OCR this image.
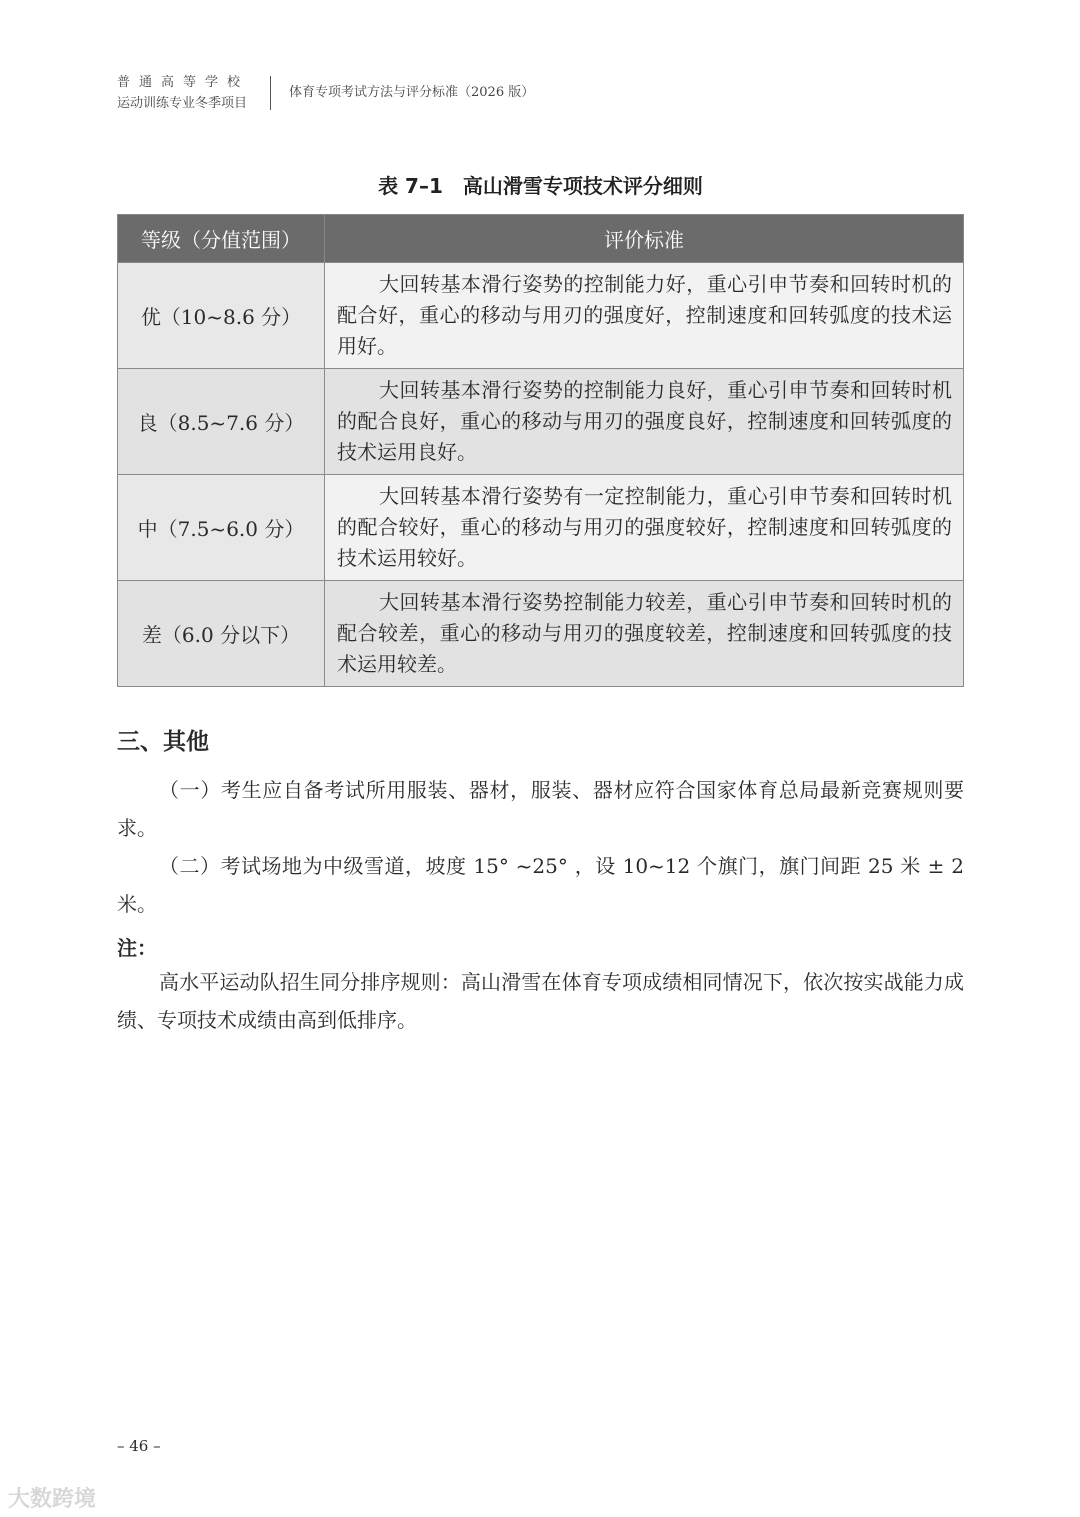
普通高等学校
运动训练专业冬季项目
体育专项考试方法与评分标准（2026 版）
表 7–1　高山滑雪专项技术评分细则
等级（分值范围）	评价标准
优（10~8.6 分）	大回转基本滑行姿势的控制能力好，重心引申节奏和回转时机的配合好，重心的移动与用刃的强度好，控制速度和回转弧度的技术运用好。
良（8.5~7.6 分）	大回转基本滑行姿势的控制能力良好，重心引申节奏和回转时机的配合良好，重心的移动与用刃的强度良好，控制速度和回转弧度的技术运用良好。
中（7.5~6.0 分）	大回转基本滑行姿势有一定控制能力，重心引申节奏和回转时机的配合较好，重心的移动与用刃的强度较好，控制速度和回转弧度的技术运用较好。
差（6.0 分以下）	大回转基本滑行姿势控制能力较差，重心引申节奏和回转时机的配合较差，重心的移动与用刃的强度较差，控制速度和回转弧度的技术运用较差。
三、其他
（一）考生应自备考试所用服装、器材，服装、器材应符合国家体育总局最新竞赛规则要求。
（二）考试场地为中级雪道，坡度 15° ~25° ，设 10~12 个旗门，旗门间距 25 米 ± 2 米。
注：
高水平运动队招生同分排序规则：高山滑雪在体育专项成绩相同情况下，依次按实战能力成绩、专项技术成绩由高到低排序。
– 46 –
大数跨境
